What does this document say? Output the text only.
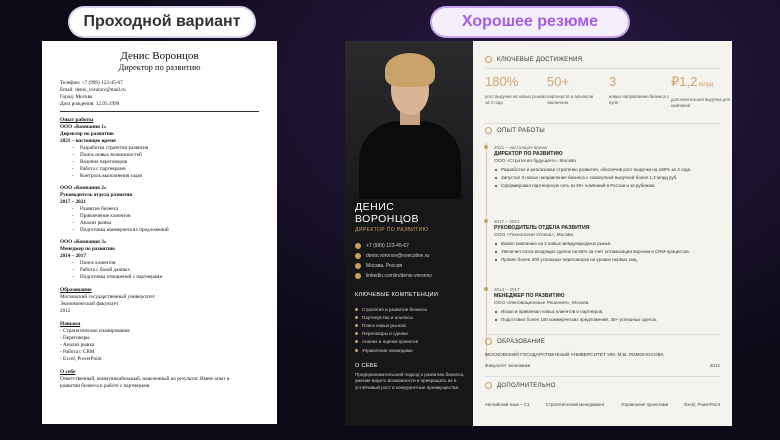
Проходной вариант	Хорошее резюме
Денис Воронцов
Директор по развитию
Телефон: +7 (999) 123-45-67
Email: denis_voronov@mail.ru
Город: Москва
Дата рождения: 12.05.1990
Опыт работы
ООО «Компания 1»
Директор по развитию
2021 – настоящее время
- Разработка стратегии развития
- Поиск новых возможностей
- Ведение переговоров
- Работа с партнерами
- Контроль выполнения задач
ООО «Компания 2»
Руководитель отдела развития
2017 – 2021
- Развитие бизнеса
- Привлечение клиентов
- Анализ рынка
- Подготовка коммерческих предложений
ООО «Компания 3»
Менеджер по развитию
2014 – 2017
- Поиск клиентов
- Работа с базой данных
- Подготовка отношений с партнерами
Образование
Московский государственный университет
Экономический факультет
2012
Навыки
- Стратегическое планирование
- Переговоры
- Анализ рынка
- Работа с CRM
- Excel, PowerPoint
О себе
Ответственный, коммуникабельный, нацеленный на результат. Имею опыт в
развитии бизнеса и работе с партнерами.
ДЕНИС
ВОРОНЦОВ
ДИРЕКТОР ПО РАЗВИТИЮ
+7 (999) 123-45-67
denis.voronov@executive.ru
Москва, Россия
linkedin.com/in/denis-voronov
КЛЮЧЕВЫЕ КОМПЕТЕНЦИИ
Стратегия и развитие бизнеса
Партнерства и альянсы
Поиск новых рынков
Переговоры и сделки
Анализ и оценка проектов
Управление командами
О СЕБЕ
Предпринимательский подход к развитию бизнеса, умение видеть возможности и превращать их в устойчивый рост и конкурентные преимущества.
КЛЮЧЕВЫЕ ДОСТИЖЕНИЯ
180%
рост выручки на новых рынках за 3 года
50+
партнерств и альянсов заключено
3
новых направления бизнеса с нуля
₽1,2 млрд
дополнительная выручка для компаний
ОПЫТ РАБОТЫ
2021 – настоящее время
ДИРЕКТОР ПО РАЗВИТИЮ
ООО «Стратегия будущего», Москва
Разработал и реализовал стратегию развития, обеспечив рост выручки на 180% за 3 года.
Запустил 3 новых направления бизнеса с совокупной выручкой более 1,2 млрд руб.
Сформировал партнерскую сеть из 50+ компаний в России и за рубежом.
2017 – 2021
РУКОВОДИТЕЛЬ ОТДЕЛА РАЗВИТИЯ
ООО «Технологии Успеха», Москва
Вывел компанию на 2 новых международных рынка.
Увеличил поток входящих сделок на 65% за счет оптимизации воронки и CRM-процессов.
Провел более 200 успешных переговоров на уровне первых лиц.
2014 – 2017
МЕНЕДЖЕР ПО РАЗВИТИЮ
ООО «Инновационные Решения», Москва
Искал и привлекал новых клиентов и партнеров.
Подготовил более 100 коммерческих предложений, 30+ успешных сделок.
ОБРАЗОВАНИЕ
МОСКОВСКИЙ ГОСУДАРСТВЕННЫЙ УНИВЕРСИТЕТ ИМ. М.В. ЛОМОНОСОВА
Факультет экономики	2012
ДОПОЛНИТЕЛЬНО
Английский язык – C1	Стратегический менеджмент	Управление проектами	Excel, PowerPoint
